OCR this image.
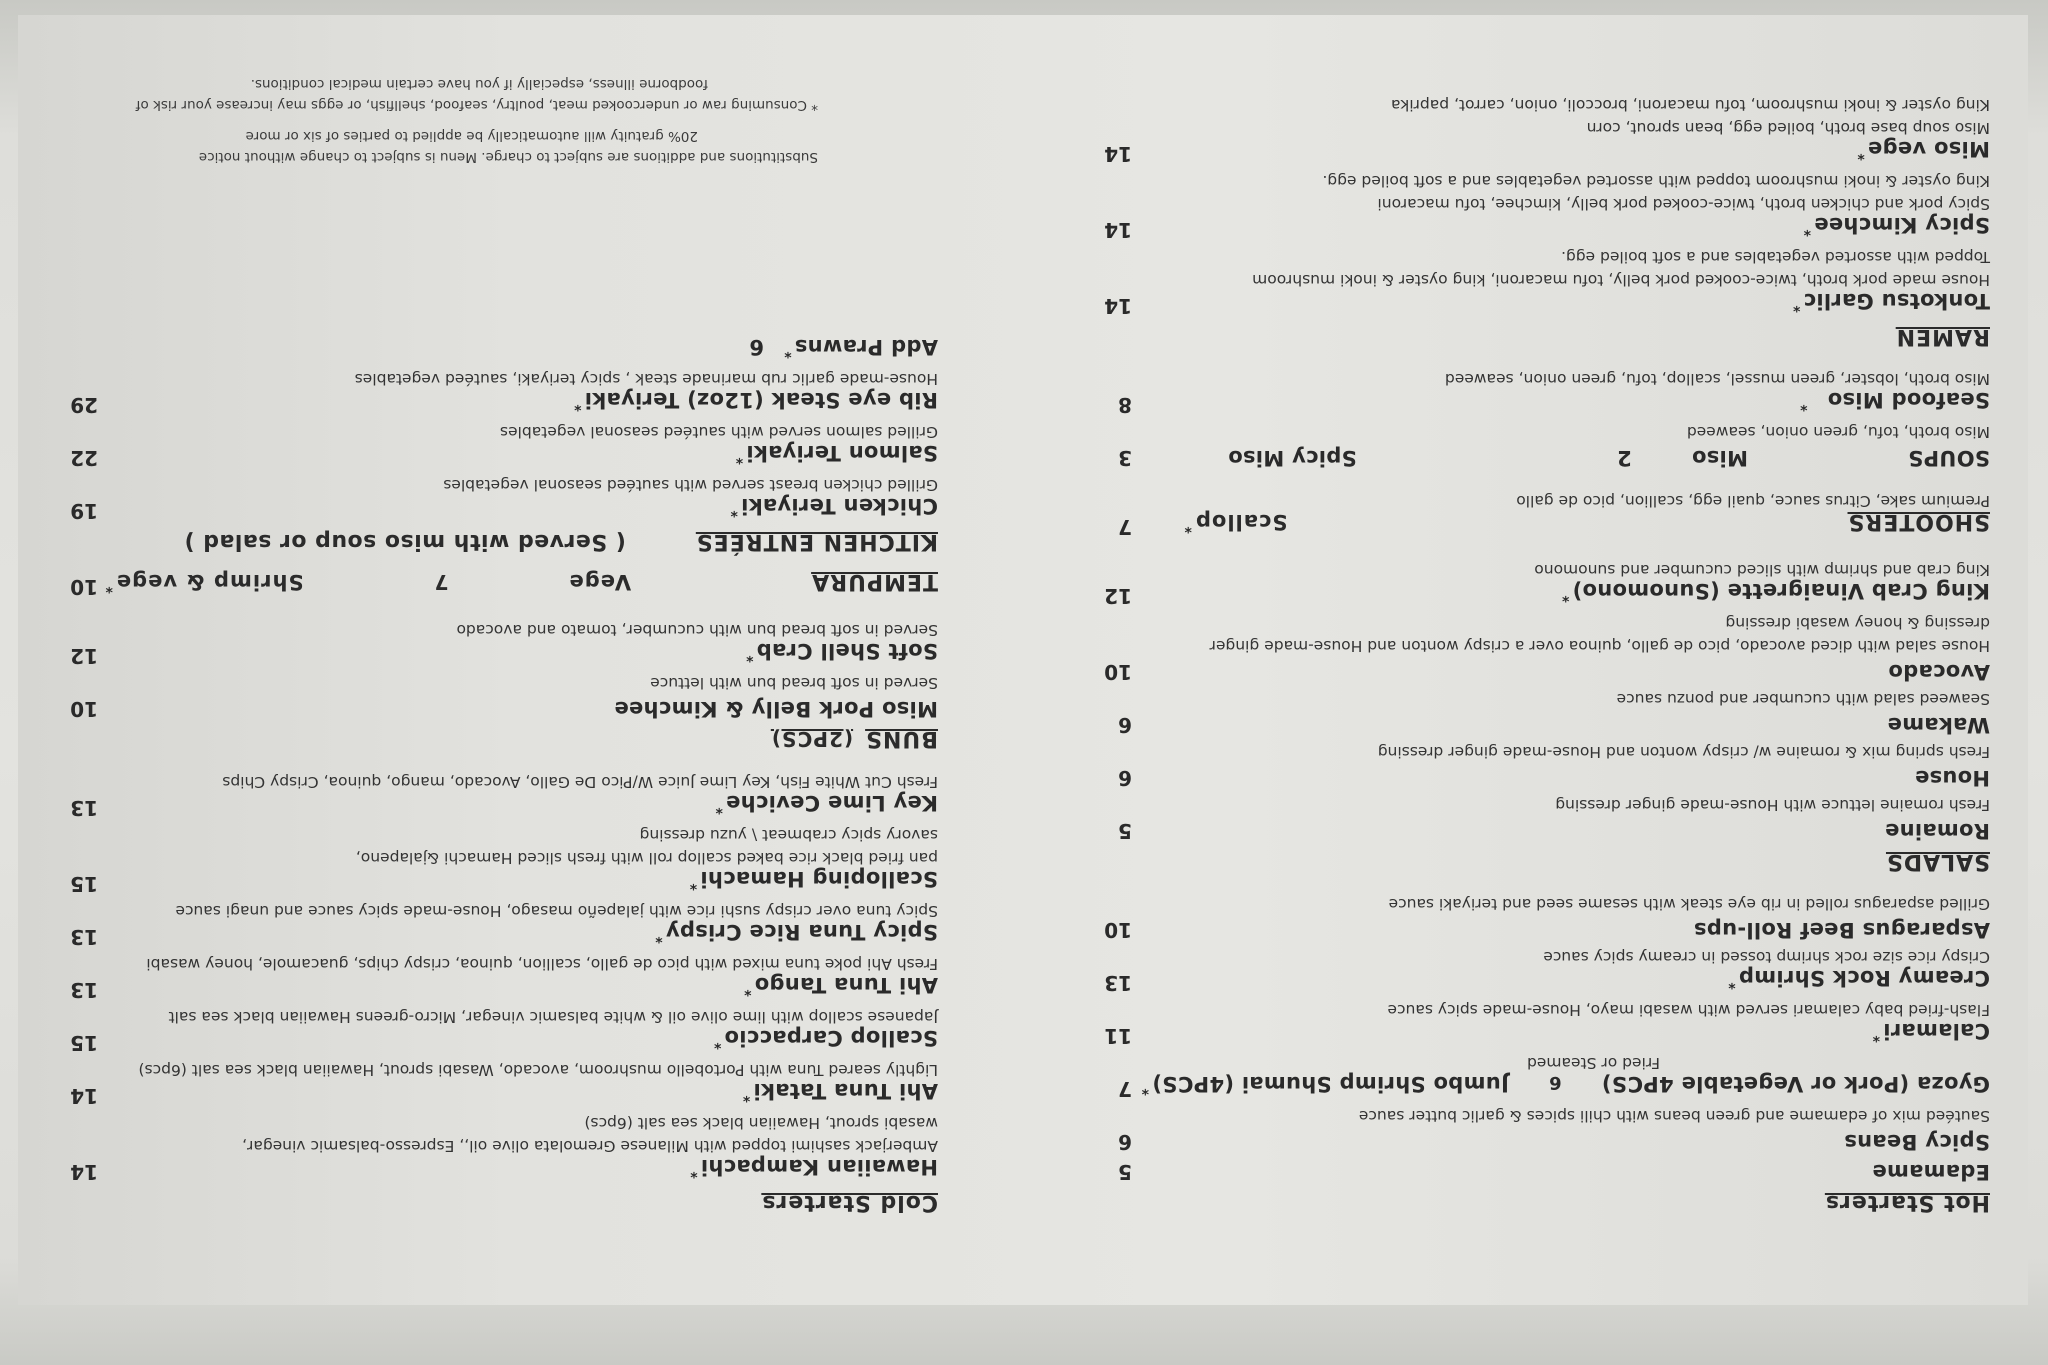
Hot Starters
Edamame
5
Spicy Beans
6
Sautéed mix of edamame and green beans with chili spices & garlic butter sauce
Gyoza (Pork or Vegetable 4PCS)6Jumbo Shrimp Shumai (4PCS)*
7
Fried or Steamed
Calamari*
11
Flash-fried baby calamari served with wasabi mayo, House-made spicy sauce
Creamy Rock Shrimp*
13
Crispy rice size rock shrimp tossed in creamy spicy sauce
Asparagus Beef Roll-ups
10
Grilled asparagus rolled in rib eye steak with sesame seed and teriyaki sauce
SALADS
Romaine
5
Fresh romaine lettuce with House-made ginger dressing
House
6
Fresh spring mix & romaine w/ crispy wonton and House-made ginger dressing
Wakame
6
Seaweed salad with cucumber and ponzu sauce
Avocado
10
House salad with diced avocado, pico de gallo, quinoa over a crispy wonton and House-made ginger dressing & honey wasabi dressing
King Crab Vinaigrette (Sunomono)*
12
King crab and shrimp with sliced cucumber and sunomono
SHOOTERSScallop*
7
Premium sake, Citrus sauce, quail egg, scallion, pico de gallo
SOUPSMiso2Spicy Miso
3
Miso broth, tofu, green onion, seaweed
Seafood Miso*
8
Miso broth, lobster, green mussel, scallop, tofu, green onion, seaweed
RAMEN
Tonkotsu Garlic*
14
House made pork broth, twice-cooked pork belly, tofu macaroni, king oyster & inoki mushroom
Topped with assorted vegetables and a soft boiled egg.
Spicy Kimchee*
14
Spicy pork and chicken broth, twice-cooked pork belly, kimchee, tofu macaroni
King oyster & inoki mushroom topped with assorted vegetables and a soft boiled egg.
Miso vege*
14
Miso soup base broth, boiled egg, bean sprout, corn
King oyster & inoki mushroom, tofu macaroni, broccoli, onion, carrot, paprika
Cold Starters
Hawaiian Kampachi*
14
Amberjack sashimi topped with Milanese Gremolata olive oil,, Espresso-balsamic vinegar,
wasabi sprout, Hawaiian black sea salt (6pcs)
Ahi Tuna Tataki*
14
Lightly seared Tuna with Portobello mushroom, avocado, Wasabi sprout, Hawaiian black sea salt (6pcs)
Scallop Carpaccio*
15
Japanese scallop with lime olive oil & white balsamic vinegar, Micro-greens Hawaiian black sea salt
Ahi Tuna Tango*
13
Fresh Ahi poke tuna mixed with pico de gallo, scallion, quinoa, crispy chips, guacamole, honey wasabi
Spicy Tuna Rice Crispy*
13
Spicy tuna over crispy sushi rice with jalapeño masago, House-made spicy sauce and unagi sauce
Scalloping Hamachi*
15
pan fried black rice baked scallop roll with fresh sliced Hamachi &jalapeno,
savory spicy crabmeat \ yuzu dressing
Key Lime Ceviche*
13
Fresh Cut White Fish, Key Lime Juice W/Pico De Gallo, Avocado, mango, quinoa, Crispy Chips
BUNS(2PCS)
Miso Pork Belly & Kimchee
10
Served in soft bread bun with lettuce
Soft Shell Crab*
12
Served in soft bread bun with cucumber, tomato and avocado
TEMPURAVege7Shrimp & vege*
10
KITCHEN ENTRÉES( Served with miso soup or salad )
Chicken Teriyaki*
19
Grilled chicken breast served with sautéed seasonal vegetables
Salmon Teriyaki*
22
Grilled salmon served with sautéed seasonal vegetables
Rib eye Steak (12oz) Teriyaki*
29
House-made garlic rub marinade steak , spicy teriyaki, sautéed vegetables
Add Prawns*6
Substitutions and additions are subject to charge. Menu is subject to change without notice
20% gratuity will automatically be applied to parties of six or more
* Consuming raw or undercooked meat, poultry, seafood, shellfish, or eggs may increase your risk of
foodborne illness, especially if you have certain medical conditions.
